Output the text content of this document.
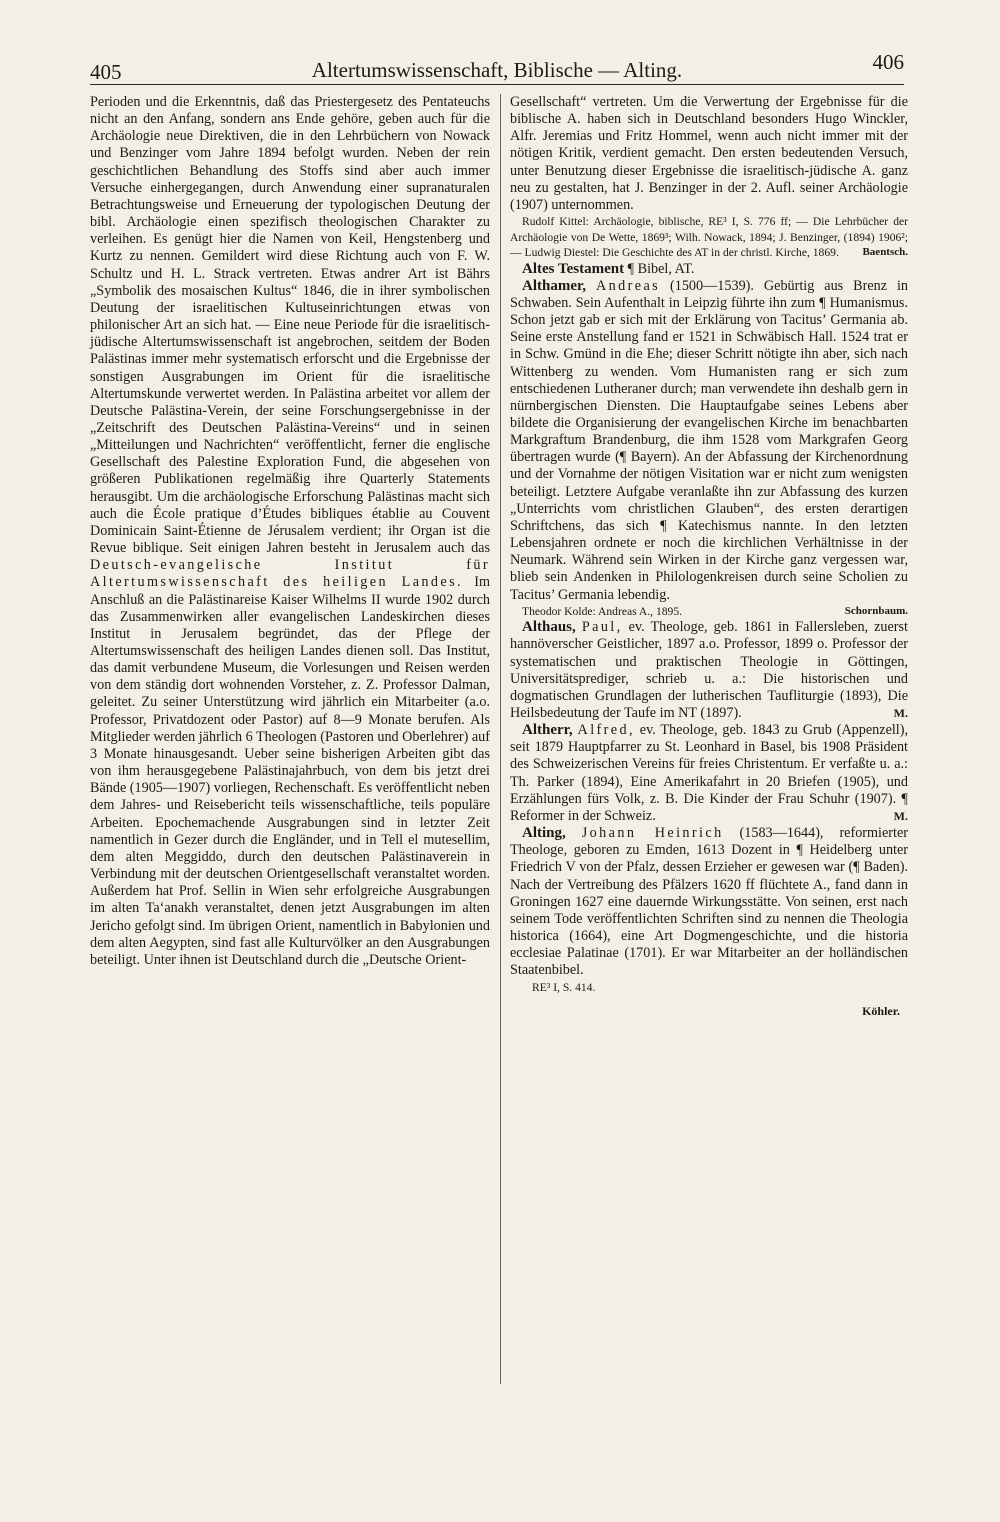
405	Altertumswissenschaft, Biblische — Alting.	406

Perioden und die Erkenntnis, daß das Priestergesetz des Pentateuchs nicht an den Anfang, sondern ans Ende gehöre, geben auch für die Archäologie neue Direktiven, die in den Lehrbüchern von Nowack und Benzinger vom Jahre 1894 befolgt wurden. Neben der rein geschichtlichen Behandlung des Stoffs sind aber auch immer Versuche einhergegangen, durch Anwendung einer supranaturalen Betrachtungsweise und Erneuerung der typologischen Deutung der bibl. Archäologie einen spezifisch theologischen Charakter zu verleihen. Es genügt hier die Namen von Keil, Hengstenberg und Kurtz zu nennen. Gemildert wird diese Richtung auch von F. W. Schultz und H. L. Strack vertreten. Etwas andrer Art ist Bährs „Symbolik des mosaischen Kultus“ 1846, die in ihrer symbolischen Deutung der israelitischen Kultuseinrichtungen etwas von philonischer Art an sich hat. — Eine neue Periode für die israelitisch-jüdische Altertumswissenschaft ist angebrochen, seitdem der Boden Palästinas immer mehr systematisch erforscht und die Ergebnisse der sonstigen Ausgrabungen im Orient für die israelitische Altertumskunde verwertet werden. In Palästina arbeitet vor allem der Deutsche Palästina-Verein, der seine Forschungsergebnisse in der „Zeitschrift des Deutschen Palästina-Vereins“ und in seinen „Mitteilungen und Nachrichten“ veröffentlicht, ferner die englische Gesellschaft des Palestine Exploration Fund, die abgesehen von größeren Publikationen regelmäßig ihre Quarterly Statements herausgibt. Um die archäologische Erforschung Palästinas macht sich auch die École pratique d’Études bibliques établie au Couvent Dominicain Saint-Étienne de Jérusalem verdient; ihr Organ ist die Revue biblique. Seit einigen Jahren besteht in Jerusalem auch das Deutsch-evangelische Institut für Altertumswissenschaft des heiligen Landes. Im Anschluß an die Palästinareise Kaiser Wilhelms II wurde 1902 durch das Zusammenwirken aller evangelischen Landeskirchen dieses Institut in Jerusalem begründet, das der Pflege der Altertumswissenschaft des heiligen Landes dienen soll. Das Institut, das damit verbundene Museum, die Vorlesungen und Reisen werden von dem ständig dort wohnenden Vorsteher, z. Z. Professor Dalman, geleitet. Zu seiner Unterstützung wird jährlich ein Mitarbeiter (a.o. Professor, Privatdozent oder Pastor) auf 8—9 Monate berufen. Als Mitglieder werden jährlich 6 Theologen (Pastoren und Oberlehrer) auf 3 Monate hinausgesandt. Ueber seine bisherigen Arbeiten gibt das von ihm herausgegebene Palästinajahrbuch, von dem bis jetzt drei Bände (1905—1907) vorliegen, Rechenschaft. Es veröffentlicht neben dem Jahres- und Reisebericht teils wissenschaftliche, teils populäre Arbeiten. Epochemachende Ausgrabungen sind in letzter Zeit namentlich in Gezer durch die Engländer, und in Tell el mutesellim, dem alten Meggiddo, durch den deutschen Palästinaverein in Verbindung mit der deutschen Orientgesellschaft veranstaltet worden. Außerdem hat Prof. Sellin in Wien sehr erfolgreiche Ausgrabungen im alten Ta‘anakh veranstaltet, denen jetzt Ausgrabungen im alten Jericho gefolgt sind. Im übrigen Orient, namentlich in Babylonien und dem alten Aegypten, sind fast alle Kulturvölker an den Ausgrabungen beteiligt. Unter ihnen ist Deutschland durch die „Deutsche Orient-

Gesellschaft“ vertreten. Um die Verwertung der Ergebnisse für die biblische A. haben sich in Deutschland besonders Hugo Winckler, Alfr. Jeremias und Fritz Hommel, wenn auch nicht immer mit der nötigen Kritik, verdient gemacht. Den ersten bedeutenden Versuch, unter Benutzung dieser Ergebnisse die israelitisch-jüdische A. ganz neu zu gestalten, hat J. Benzinger in der 2. Aufl. seiner Archäologie (1907) unternommen.

Rudolf Kittel: Archäologie, biblische, RE³ I, S. 776 ff; — Die Lehrbücher der Archäologie von De Wette, 1869³; Wilh. Nowack, 1894; J. Benzinger, (1894) 1906²; — Ludwig Diestel: Die Geschichte des AT in der christl. Kirche, 1869. Baentsch.

Altes Testament ¶ Bibel, AT.

Althamer, Andreas (1500—1539). Gebürtig aus Brenz in Schwaben. Sein Aufenthalt in Leipzig führte ihn zum ¶ Humanismus. Schon jetzt gab er sich mit der Erklärung von Tacitus’ Germania ab. Seine erste Anstellung fand er 1521 in Schwäbisch Hall. 1524 trat er in Schw. Gmünd in die Ehe; dieser Schritt nötigte ihn aber, sich nach Wittenberg zu wenden. Vom Humanisten rang er sich zum entschiedenen Lutheraner durch; man verwendete ihn deshalb gern in nürnbergischen Diensten. Die Hauptaufgabe seines Lebens aber bildete die Organisierung der evangelischen Kirche im benachbarten Markgraftum Brandenburg, die ihm 1528 vom Markgrafen Georg übertragen wurde (¶ Bayern). An der Abfassung der Kirchenordnung und der Vornahme der nötigen Visitation war er nicht zum wenigsten beteiligt. Letztere Aufgabe veranlaßte ihn zur Abfassung des kurzen „Unterrichts vom christlichen Glauben“, des ersten derartigen Schriftchens, das sich ¶ Katechismus nannte. In den letzten Lebensjahren ordnete er noch die kirchlichen Verhältnisse in der Neumark. Während sein Wirken in der Kirche ganz vergessen war, blieb sein Andenken in Philologenkreisen durch seine Scholien zu Tacitus’ Germania lebendig.

Theodor Kolde: Andreas A., 1895.	Schornbaum.

Althaus, Paul, ev. Theologe, geb. 1861 in Fallersleben, zuerst hannöverscher Geistlicher, 1897 a.o. Professor, 1899 o. Professor der systematischen und praktischen Theologie in Göttingen, Universitätsprediger, schrieb u. a.: Die historischen und dogmatischen Grundlagen der lutherischen Taufliturgie (1893), Die Heilsbedeutung der Taufe im NT (1897).	M.

Altherr, Alfred, ev. Theologe, geb. 1843 zu Grub (Appenzell), seit 1879 Hauptpfarrer zu St. Leonhard in Basel, bis 1908 Präsident des Schweizerischen Vereins für freies Christentum. Er verfaßte u. a.: Th. Parker (1894), Eine Amerikafahrt in 20 Briefen (1905), und Erzählungen fürs Volk, z. B. Die Kinder der Frau Schuhr (1907). ¶ Reformer in der Schweiz.	M.

Alting, Johann Heinrich (1583—1644), reformierter Theologe, geboren zu Emden, 1613 Dozent in ¶ Heidelberg unter Friedrich V von der Pfalz, dessen Erzieher er gewesen war (¶ Baden). Nach der Vertreibung des Pfälzers 1620 ff flüchtete A., fand dann in Groningen 1627 eine dauernde Wirkungsstätte. Von seinen, erst nach seinem Tode veröffentlichten Schriften sind zu nennen die Theologia historica (1664), eine Art Dogmengeschichte, und die historia ecclesiae Palatinae (1701). Er war Mitarbeiter an der holländischen Staatenbibel.

RE³ I, S. 414.

Köhler.
